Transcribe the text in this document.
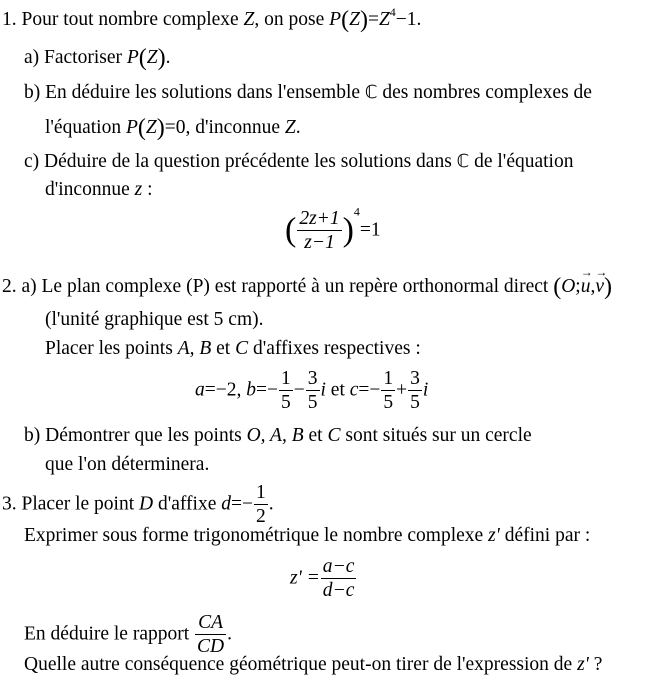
1. Pour tout nombre complexe Z, on pose $P(Z)=Z^4-1$.
a) Factoriser P(Z).
b) En déduire les solutions dans l'ensemble ℂ des nombres complexes de
l'équation P(Z)=0, d'inconnue Z.
c) Déduire de la question précédente les solutions dans ℂ de l'équation
d'inconnue z :
( $\frac{2z+1}{z-1} )^4=1$
2. a) Le plan complexe (P) est rapporté à un repère orthonormal direct (O;→ u,→ v)
(l'unité graphique est 5 cm).
Placer les points A, B et C d'affixes respectives :
a=−2, $b=- \frac{1}{5} - \frac{3}{5}$ i et $c=- \frac{1}{5} + \frac{3}{5}$ i
b) Démontrer que les points O, A, B et C sont situés sur un cercle
que l'on déterminera.
3. Placer le point D d'affixe $d=- \frac{1}{2}$ .
Exprimer sous forme trigonométrique le nombre complexe z' défini par :
$z' = \frac{a-c}{d-c}$
En déduire le rapport $\frac{CA}{CD}$ .
Quelle autre conséquence géométrique peut-on tirer de l'expression de z' ?
